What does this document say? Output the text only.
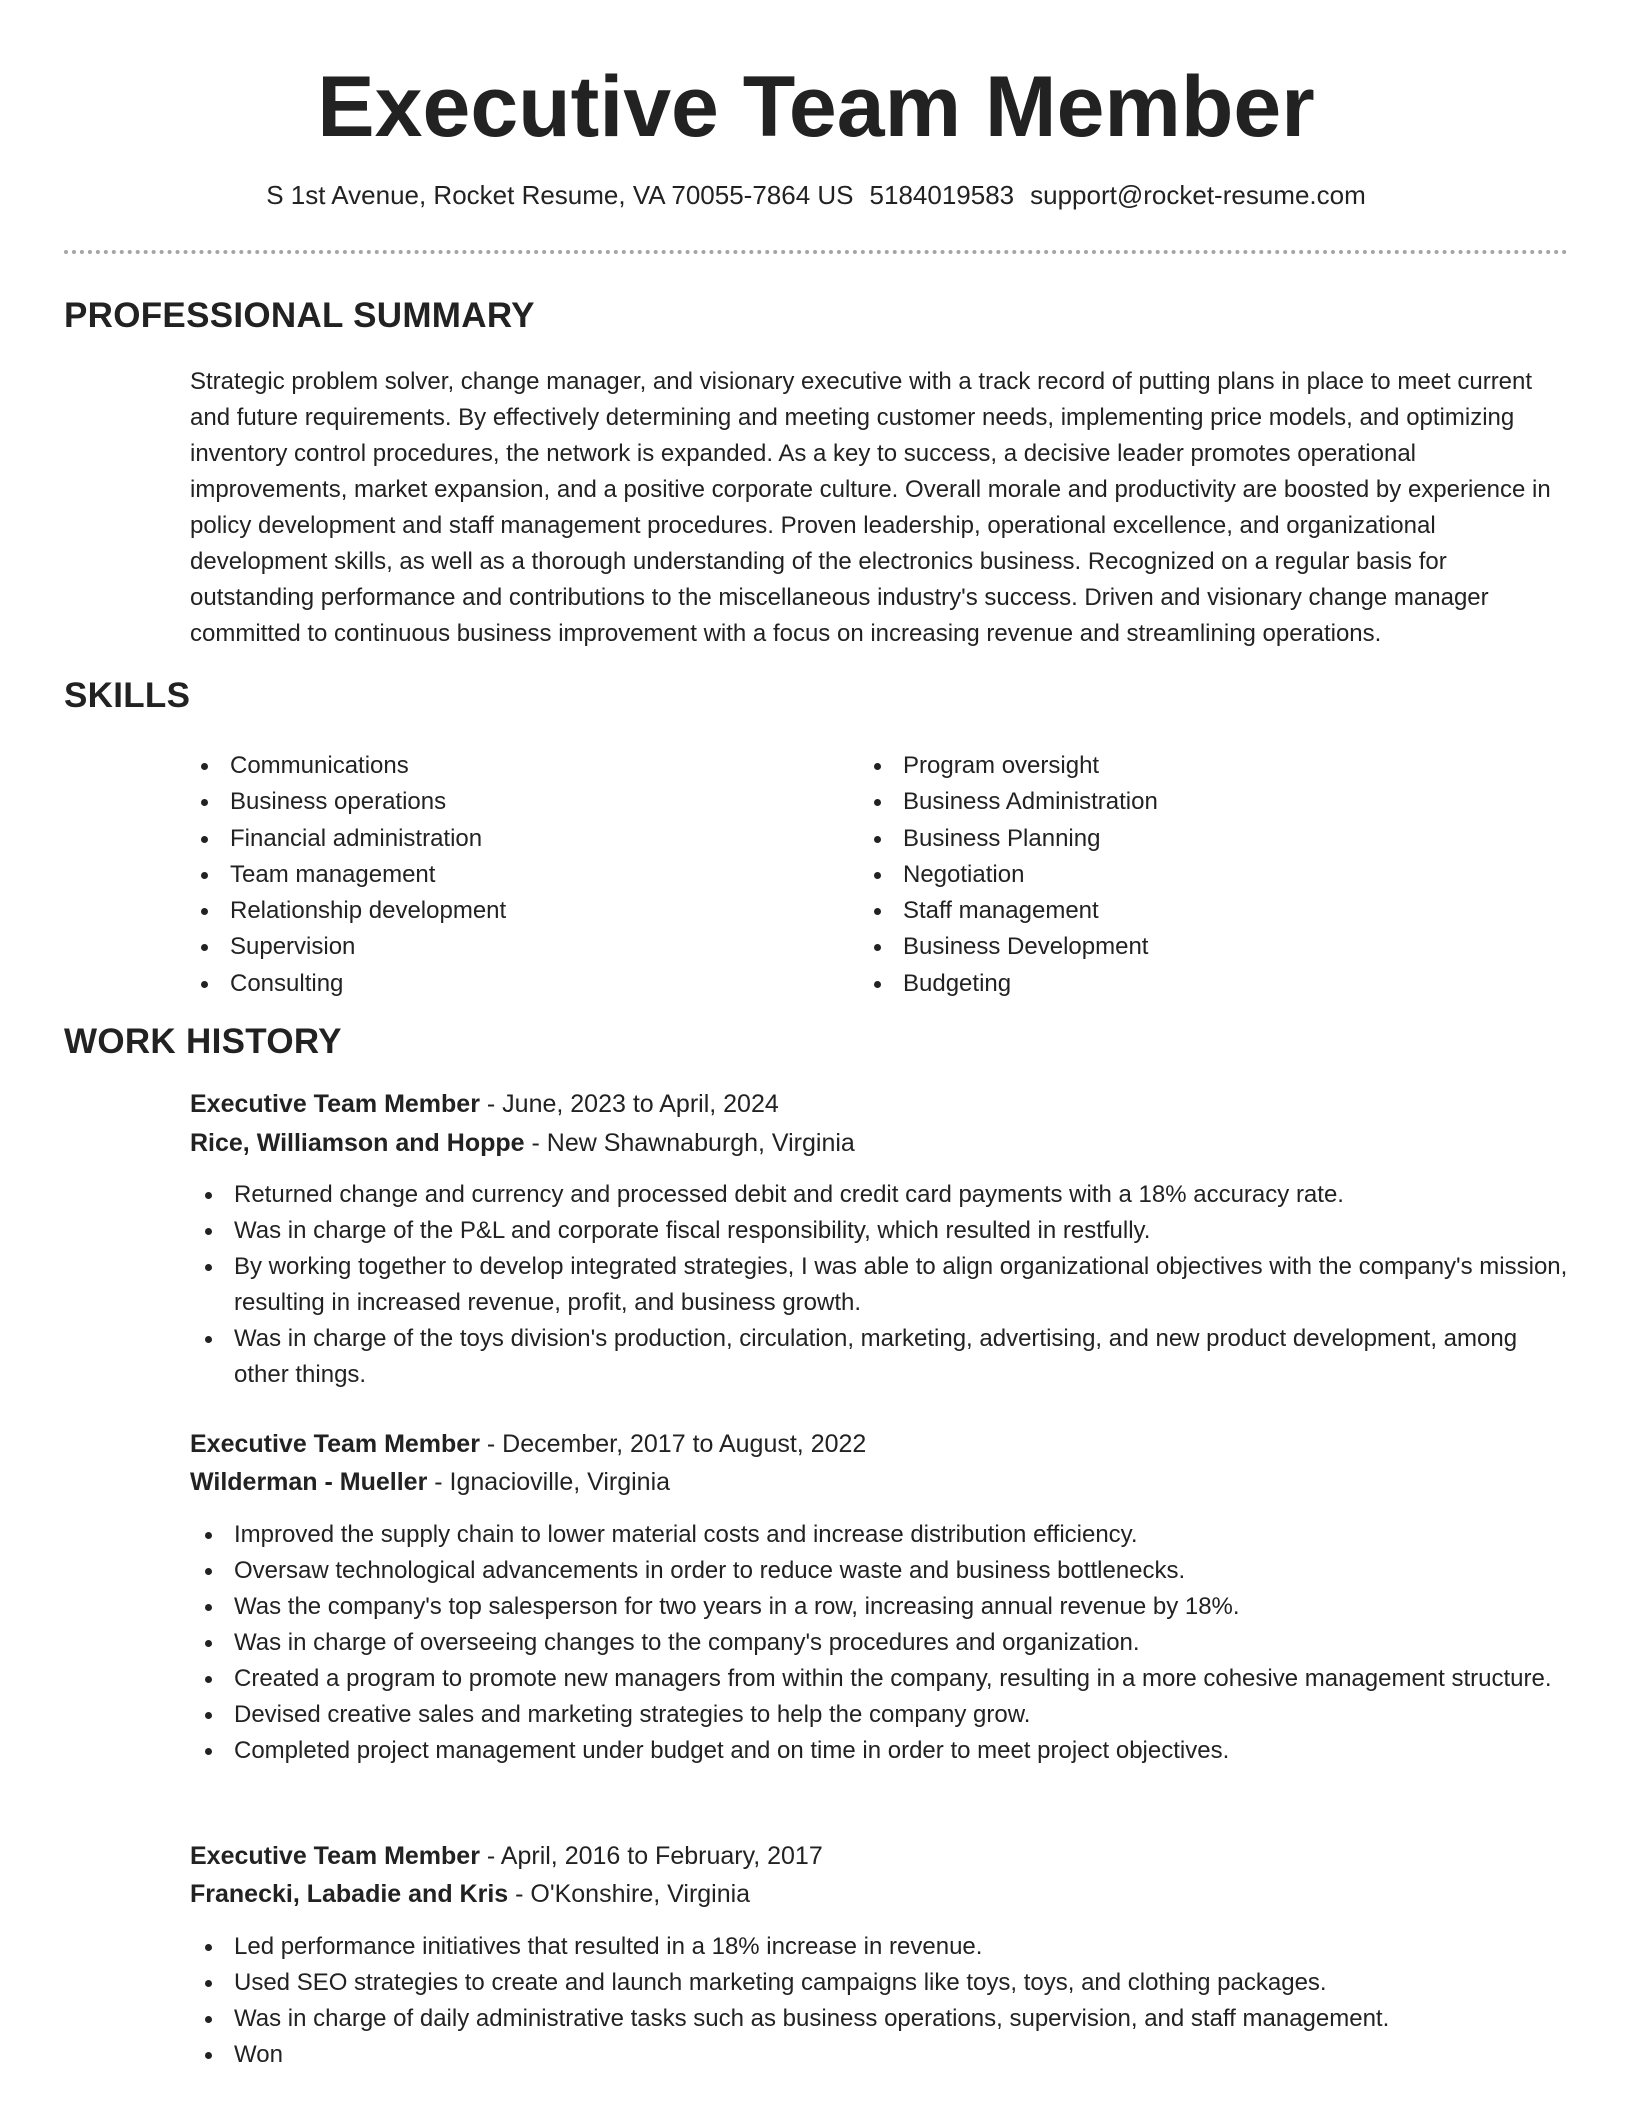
Executive Team Member
S 1st Avenue, Rocket Resume, VA 70055-7864 US 5184019583 support@rocket-resume.com
PROFESSIONAL SUMMARY
Strategic problem solver, change manager, and visionary executive with a track record of putting plans in place to meet current and future requirements. By effectively determining and meeting customer needs, implementing price models, and optimizing inventory control procedures, the network is expanded. As a key to success, a decisive leader promotes operational improvements, market expansion, and a positive corporate culture. Overall morale and productivity are boosted by experience in policy development and staff management procedures. Proven leadership, operational excellence, and organizational development skills, as well as a thorough understanding of the electronics business. Recognized on a regular basis for outstanding performance and contributions to the miscellaneous industry's success. Driven and visionary change manager committed to continuous business improvement with a focus on increasing revenue and streamlining operations.
SKILLS
Communications
Business operations
Financial administration
Team management
Relationship development
Supervision
Consulting
Program oversight
Business Administration
Business Planning
Negotiation
Staff management
Business Development
Budgeting
WORK HISTORY
Executive Team Member - June, 2023 to April, 2024
Rice, Williamson and Hoppe - New Shawnaburgh, Virginia
Returned change and currency and processed debit and credit card payments with a 18% accuracy rate.
Was in charge of the P&L and corporate fiscal responsibility, which resulted in restfully.
By working together to develop integrated strategies, I was able to align organizational objectives with the company's mission, resulting in increased revenue, profit, and business growth.
Was in charge of the toys division's production, circulation, marketing, advertising, and new product development, among other things.
Executive Team Member - December, 2017 to August, 2022
Wilderman - Mueller - Ignacioville, Virginia
Improved the supply chain to lower material costs and increase distribution efficiency.
Oversaw technological advancements in order to reduce waste and business bottlenecks.
Was the company's top salesperson for two years in a row, increasing annual revenue by 18%.
Was in charge of overseeing changes to the company's procedures and organization.
Created a program to promote new managers from within the company, resulting in a more cohesive management structure.
Devised creative sales and marketing strategies to help the company grow.
Completed project management under budget and on time in order to meet project objectives.
Executive Team Member - April, 2016 to February, 2017
Franecki, Labadie and Kris - O'Konshire, Virginia
Led performance initiatives that resulted in a 18% increase in revenue.
Used SEO strategies to create and launch marketing campaigns like toys, toys, and clothing packages.
Was in charge of daily administrative tasks such as business operations, supervision, and staff management.
Won
